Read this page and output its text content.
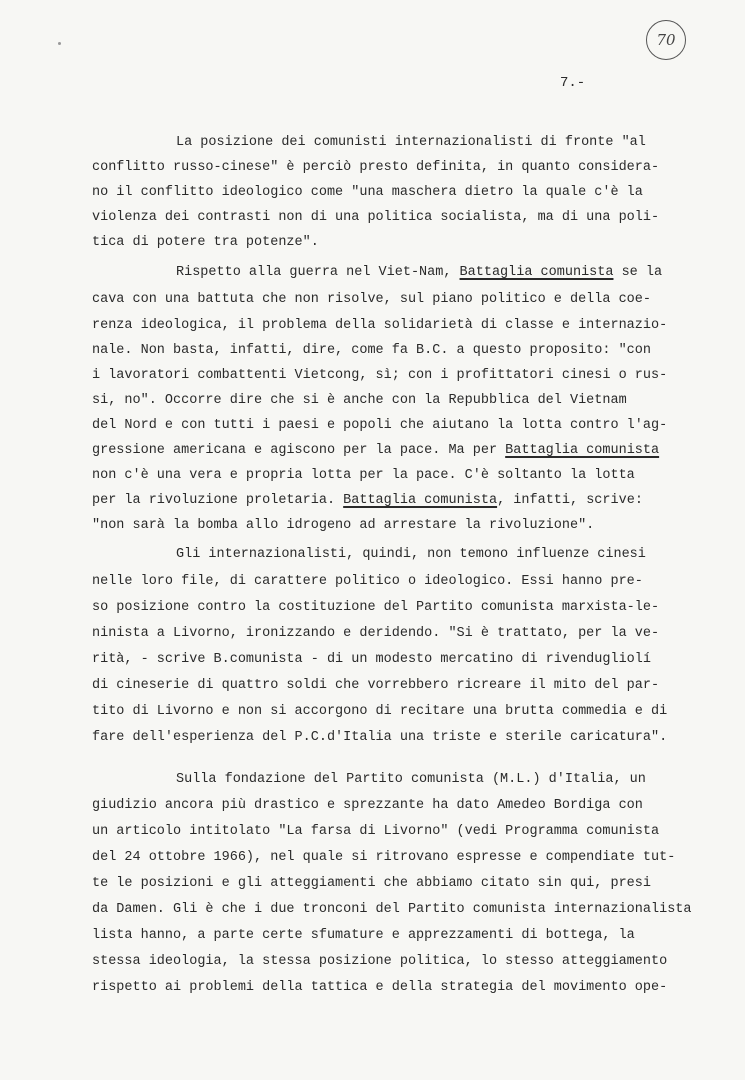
70
7.-
La posizione dei comunisti internazionalisti di fronte "al
conflitto russo-cinese" è perciò presto definita, in quanto considera-
no il conflitto ideologico come "una maschera dietro la quale c'è la
violenza dei contrasti non di una politica socialista, ma di una poli-
tica di potere tra potenze".
Rispetto alla guerra nel Viet-Nam, Battaglia comunista se la
cava con una battuta che non risolve, sul piano politico e della coe-
renza ideologica, il problema della solidarietà di classe e internazio-
nale. Non basta, infatti, dire, come fa B.C. a questo proposito: "con
i lavoratori combattenti Vietcong, sì; con i profittatori cinesi o rus-
si, no". Occorre dire che si è anche con la Repubblica del Vietnam
del Nord e con tutti i paesi e popoli che aiutano la lotta contro l'ag-
gressione americana e agiscono per la pace. Ma per Battaglia comunista
non c'è una vera e propria lotta per la pace. C'è soltanto la lotta
per la rivoluzione proletaria. Battaglia comunista, infatti, scrive:
"non sarà la bomba allo idrogeno ad arrestare la rivoluzione".
Gli internazionalisti, quindi, non temono influenze cinesi
nelle loro file, di carattere politico o ideologico. Essi hanno pre-
so posizione contro la costituzione del Partito comunista marxista-le-
ninista a Livorno, ironizzando e deridendo. "Si è trattato, per la ve-
rità, - scrive B.comunista - di un modesto mercatino di rivendugliolí
di cineserie di quattro soldi che vorrebbero ricreare il mito del par-
tito di Livorno e non si accorgono di recitare una brutta commedia e di
fare dell'esperienza del P.C.d'Italia una triste e sterile caricatura".
Sulla fondazione del Partito comunista (M.L.) d'Italia, un
giudizio ancora più drastico e sprezzante ha dato Amedeo Bordiga con
un articolo intitolato "La farsa di Livorno" (vedi Programma comunista
del 24 ottobre 1966), nel quale si ritrovano espresse e compendiate tut-
te le posizioni e gli atteggiamenti che abbiamo citato sin qui, presi
da Damen. Gli è che i due tronconi del Partito comunista internazionalista
lista hanno, a parte certe sfumature e apprezzamenti di bottega, la
stessa ideologia, la stessa posizione politica, lo stesso atteggiamento
rispetto ai problemi della tattica e della strategia del movimento ope-
